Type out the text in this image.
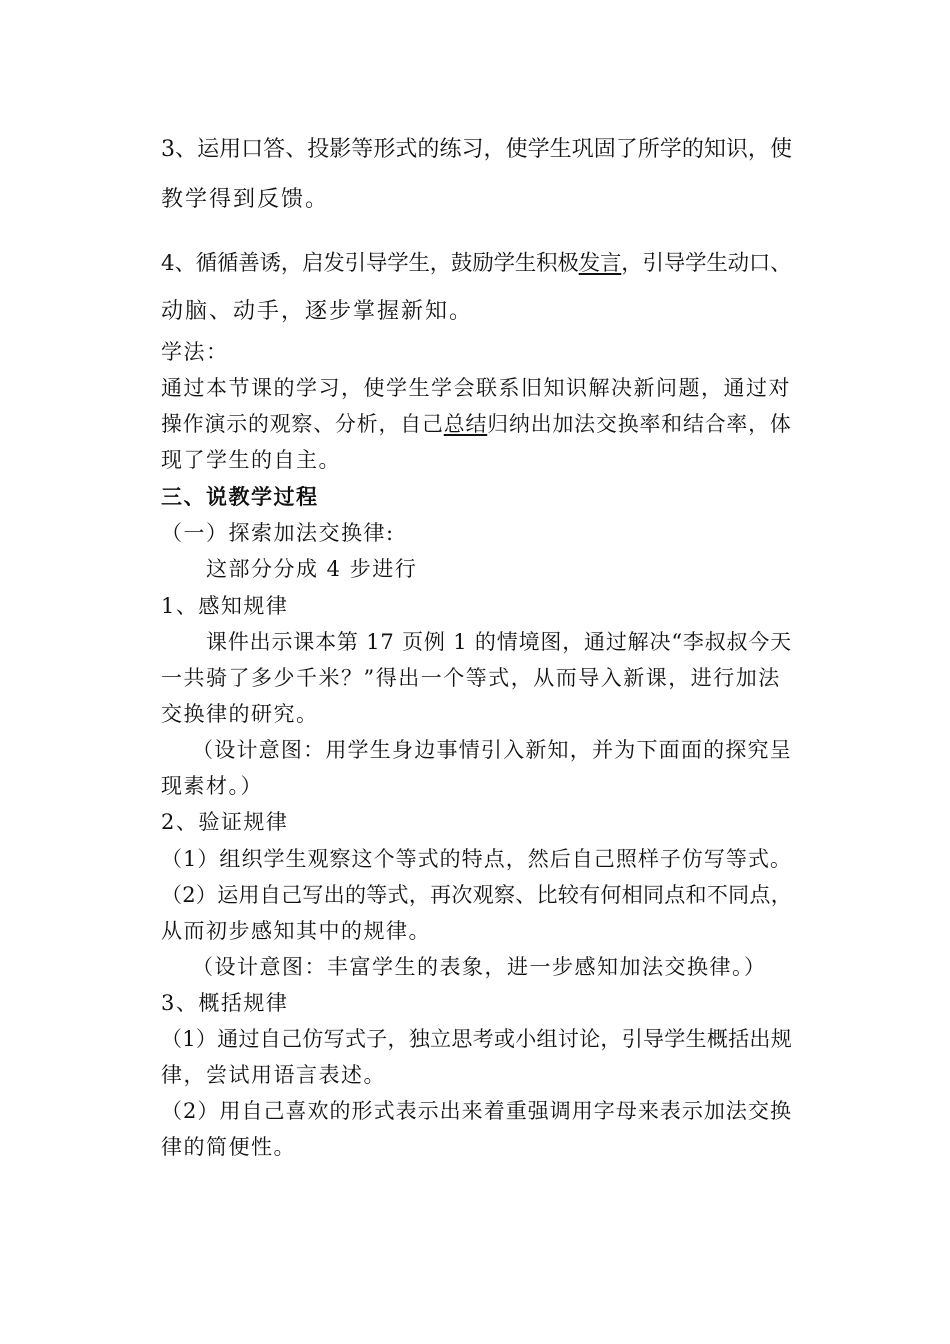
3、运用口答、投影等形式的练习，使学生巩固了所学的知识，使
教学得到反馈。
4、循循善诱，启发引导学生，鼓励学生积极发言，引导学生动口、
动脑、动手，逐步掌握新知。
学法：
通过本节课的学习，使学生学会联系旧知识解决新问题，通过对
操作演示的观察、分析，自己总结归纳出加法交换率和结合率，体
现了学生的自主。
三、说教学过程
（一）探索加法交换律:
这部分分成 4 步进行
1、感知规律
课件出示课本第 17 页例 1 的情境图，通过解决“李叔叔今天
一共骑了多少千米？”得出一个等式，从而导入新课，进行加法
交换律的研究。
（设计意图：用学生身边事情引入新知，并为下面面的探究呈
现素材。）
2、验证规律
（1）组织学生观察这个等式的特点，然后自己照样子仿写等式。
（2）运用自己写出的等式，再次观察、比较有何相同点和不同点，
从而初步感知其中的规律。
（设计意图：丰富学生的表象，进一步感知加法交换律。）
3、概括规律
（1）通过自己仿写式子，独立思考或小组讨论，引导学生概括出规
律，尝试用语言表述。
（2）用自己喜欢的形式表示出来着重强调用字母来表示加法交换
律的简便性。
